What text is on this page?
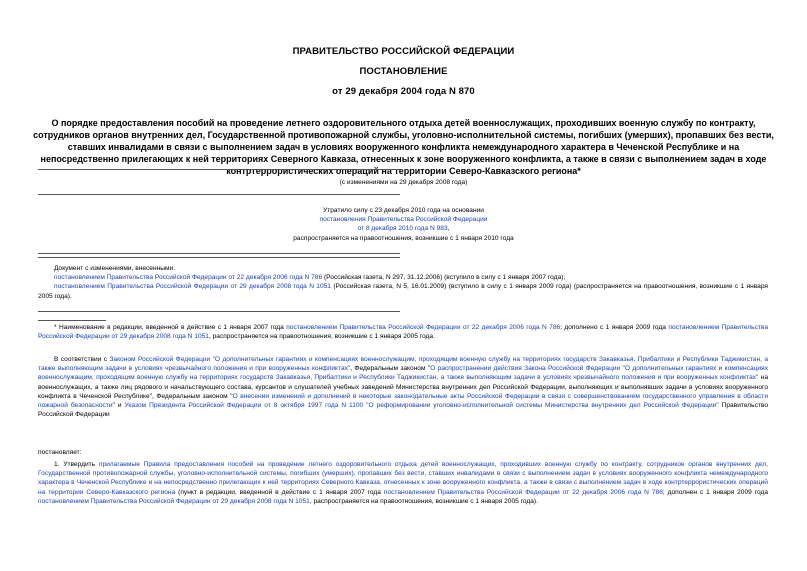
ПРАВИТЕЛЬСТВО РОССИЙСКОЙ ФЕДЕРАЦИИ
ПОСТАНОВЛЕНИЕ
от 29 декабря 2004 года N 870
О порядке предоставления пособий на проведение летнего оздоровительного отдыха детей военнослужащих, проходивших военную службу по контракту, сотрудников органов внутренних дел, Государственной противопожарной службы, уголовно-исполнительной системы, погибших (умерших), пропавших без вести, ставших инвалидами в связи с выполнением задач в условиях вооруженного конфликта немеждународного характера в Чеченской Республике и на непосредственно прилегающих к ней территориях Северного Кавказа, отнесенных к зоне вооруженного конфликта, а также в связи с выполнением задач в ходе контртеррористических операций на территории Северо-Кавказского региона*
(с изменениями на 29 декабря 2008 года)
Утратило силу с 23 декабря 2010 года на основании
постановления Правительства Российской Федерации
от 8 декабря 2010 года N 983,
распространяется на правоотношения, возникшие с 1 января 2010 года

Документ с изменениями, внесенными:

постановлением Правительства Российской Федерации от 22 декабря 2006 года N 786 (Российская газета, N 297, 31.12.2006) (вступило в силу с 1 января 2007 года);

постановлением Правительства Российской Федерации от 29 декабря 2008 года N 1051 (Российская газета, N 5, 16.01.2009) (вступило в силу с 1 января 2009 года) (распространяется на правоотношения, возникшие с 1 января 2005 года).

* Наименование в редакции, введенной в действие с 1 января 2007 года постановлением Правительства Российской Федерации от 22 декабря 2006 года N 786; дополнено с 1 января 2009 года постановлением Правительства Российской Федерации от 29 декабря 2008 года N 1051, распространяется на правоотношения, возникшие с 1 января 2005 года.

В соответствии с Законом Российской Федерации "О дополнительных гарантиях и компенсациях военнослужащим, проходящим военную службу на территориях государств Закавказья, Прибалтики и Республики Таджикистан, а также выполняющим задачи в условиях чрезвычайного положения и при вооруженных конфликтах", Федеральным законом "О распространении действия Закона Российской Федерации "О дополнительных гарантиях и компенсациях военнослужащим, проходящим военную службу на территориях государств Закавказья, Прибалтики и Республики Таджикистан, а также выполняющим задачи в условиях чрезвычайного положения и при вооруженных конфликтах" на военнослужащих, а также лиц рядового и начальствующего состава, курсантов и слушателей учебных заведений Министерства внутренних дел Российской Федерации, выполняющих и выполнявших задачи в условиях вооруженного конфликта в Чеченской Республике", Федеральным законом "О внесении изменений и дополнений в некоторые законодательные акты Российской Федерации в связи с совершенствованием государственного управления в области пожарной безопасности" и Указом Президента Российской Федерации от 8 октября 1997 года N 1100 "О реформировании уголовно-исполнительной системы Министерства внутренних дел Российской Федерации" Правительство Российской Федерации

постановляет:

1. Утвердить прилагаемые Правила предоставления пособий на проведение летнего оздоровительного отдыха детей военнослужащих, проходивших военную службу по контракту, сотрудников органов внутренних дел, Государственной противопожарной службы, уголовно-исполнительной системы, погибших (умерших), пропавших без вести, ставших инвалидами в связи с выполнением задач в условиях вооруженного конфликта немеждународного характера в Чеченской Республике и на непосредственно прилегающих к ней территориях Северного Кавказа, отнесенных к зоне вооруженного конфликта, а также в связи с выполнением задач в ходе контртеррористических операций на территории Северо-Кавказского региона (пункт в редакции, введенной в действие с 1 января 2007 года постановлением Правительства Российской Федерации от 22 декабря 2006 года N 786; дополнен с 1 января 2009 года постановлением Правительства Российской Федерации от 29 декабря 2008 года N 1051, распространяется на правоотношения, возникшие с 1 января 2005 года).
